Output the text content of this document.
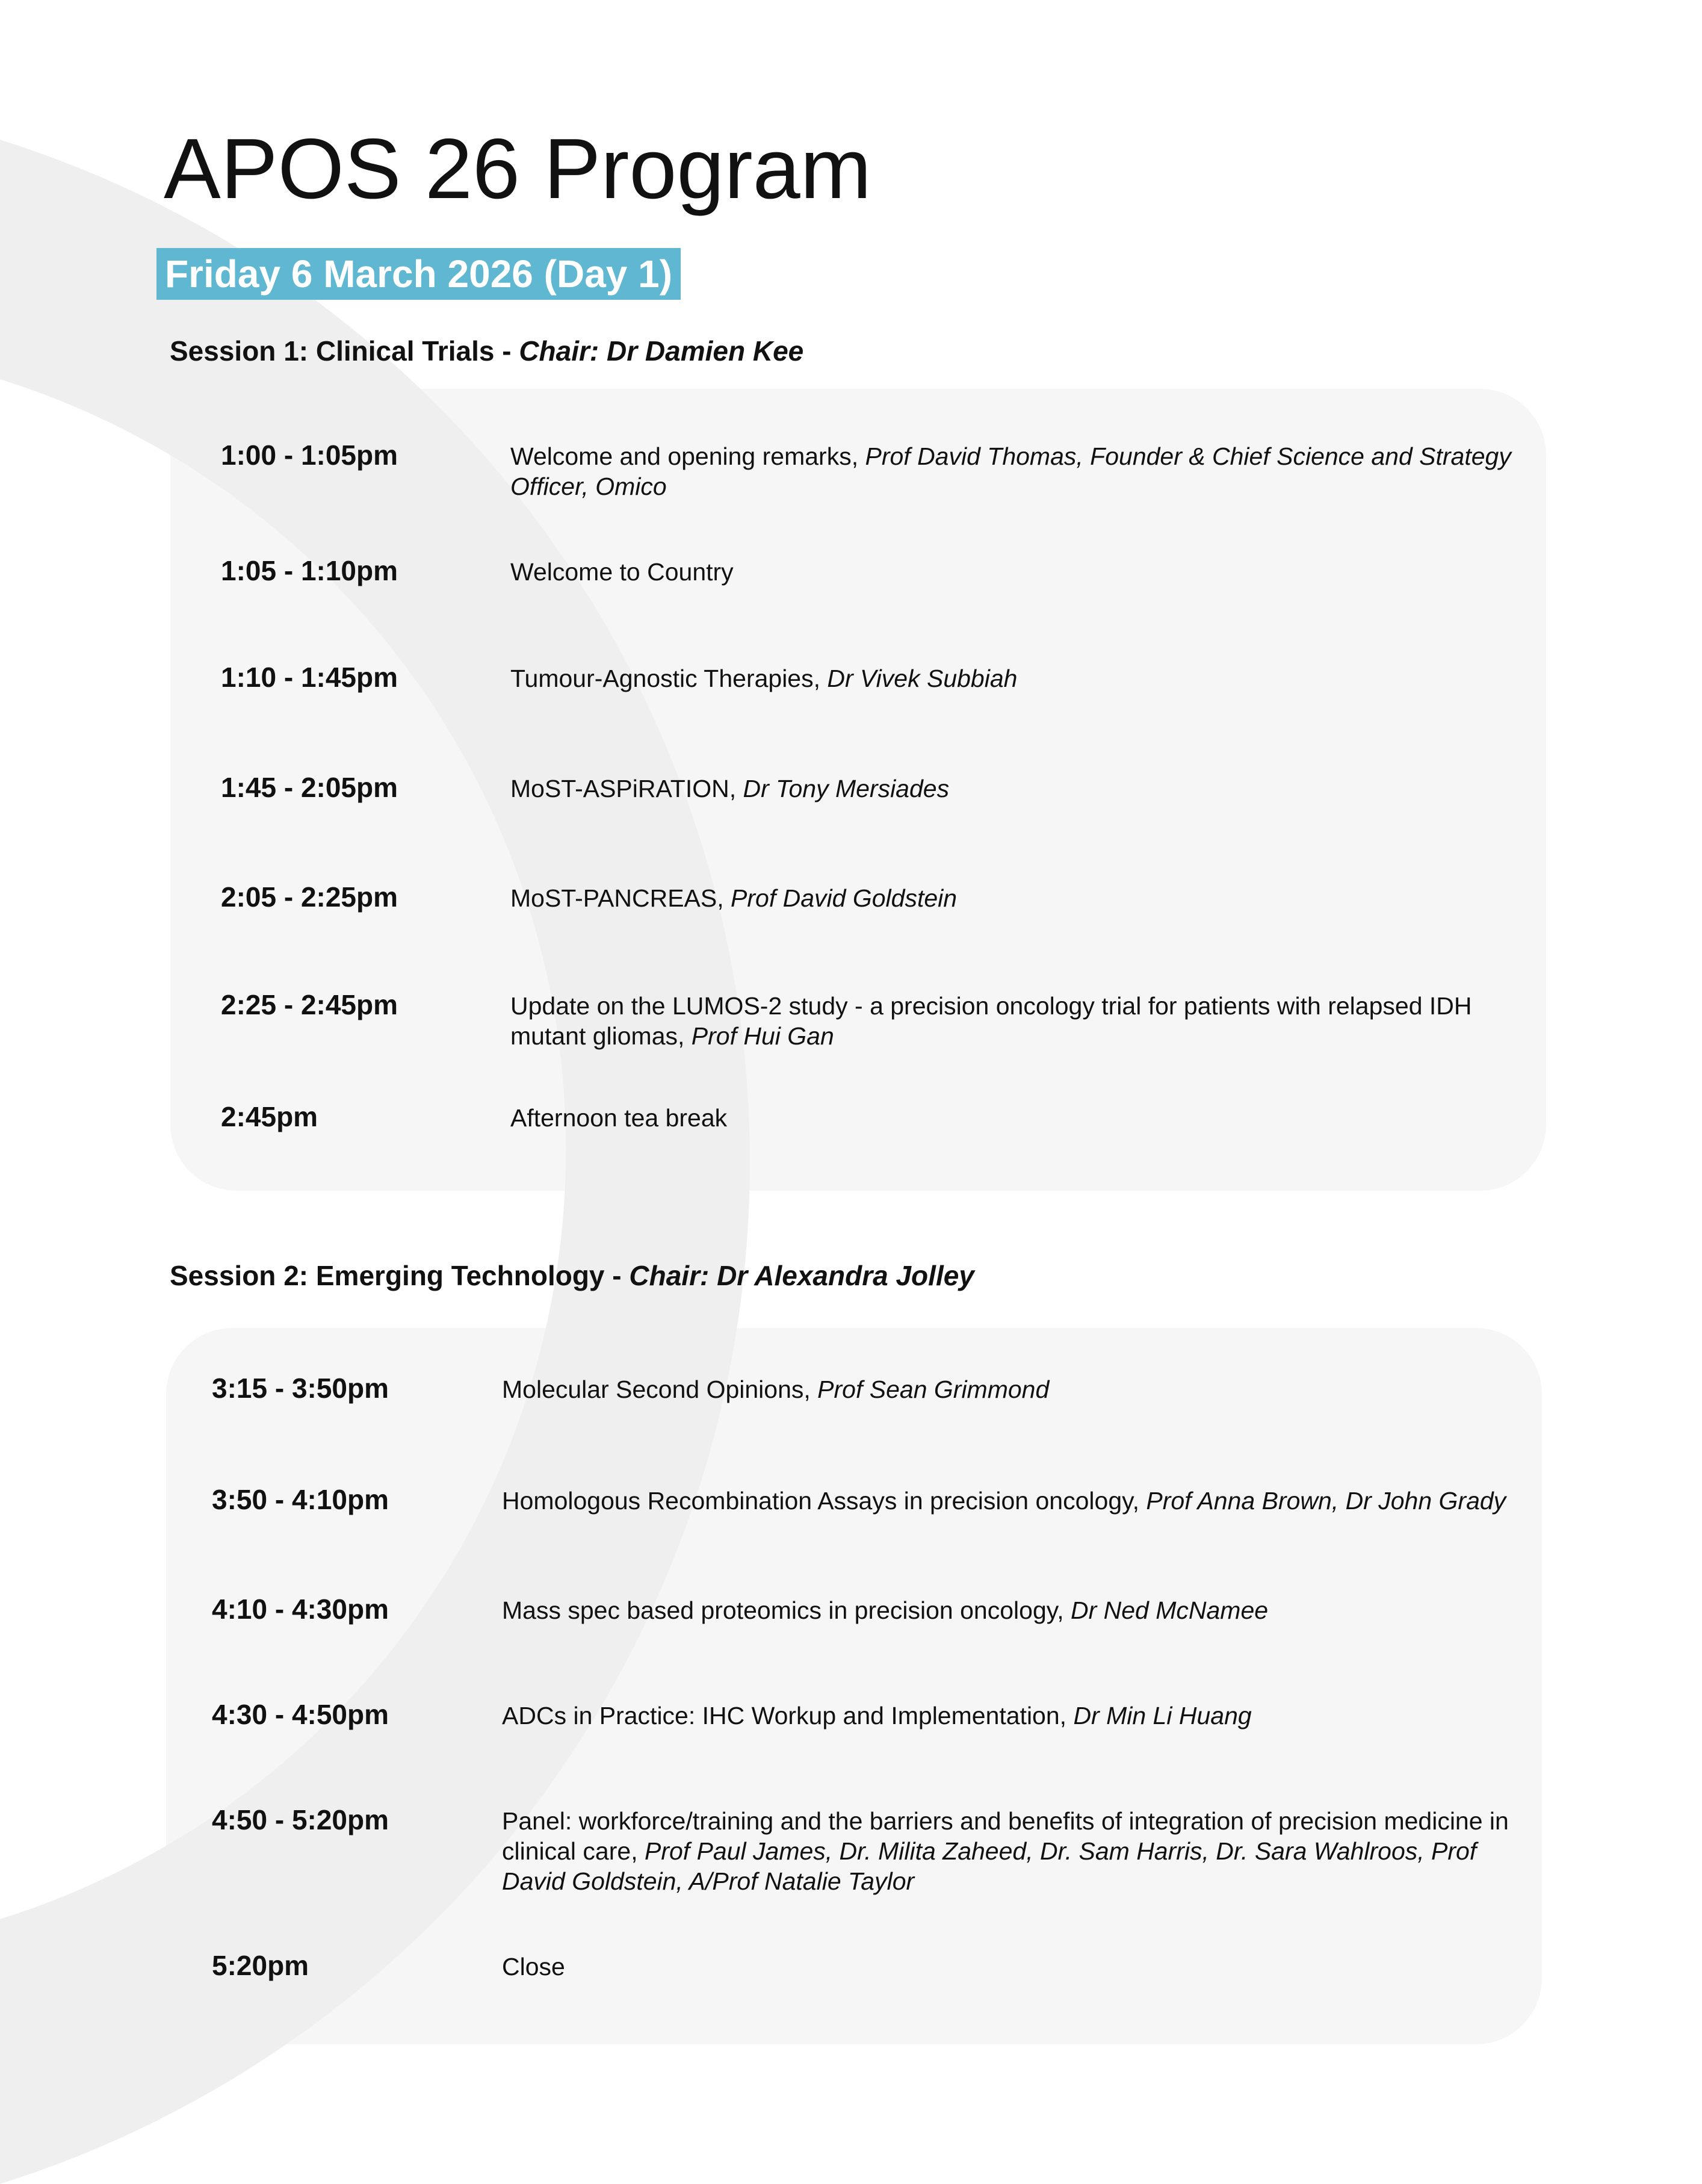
APOS 26 Program
Friday 6 March 2026 (Day 1)
Session 1: Clinical Trials - Chair: Dr Damien Kee
1:00 - 1:05pm	Welcome and opening remarks, Prof David Thomas, Founder & Chief Science and Strategy Officer, Omico
1:05 - 1:10pm	Welcome to Country
1:10 - 1:45pm	Tumour-Agnostic Therapies, Dr Vivek Subbiah
1:45 - 2:05pm	MoST-ASPiRATION, Dr Tony Mersiades
2:05 - 2:25pm	MoST-PANCREAS, Prof David Goldstein
2:25 - 2:45pm	Update on the LUMOS-2 study - a precision oncology trial for patients with relapsed IDH mutant gliomas, Prof Hui Gan
2:45pm	Afternoon tea break
Session 2: Emerging Technology - Chair: Dr Alexandra Jolley
3:15 - 3:50pm	Molecular Second Opinions, Prof Sean Grimmond
3:50 - 4:10pm	Homologous Recombination Assays in precision oncology, Prof Anna Brown, Dr John Grady
4:10 - 4:30pm	Mass spec based proteomics in precision oncology, Dr Ned McNamee
4:30 - 4:50pm	ADCs in Practice: IHC Workup and Implementation, Dr Min Li Huang
4:50 - 5:20pm	Panel: workforce/training and the barriers and benefits of integration of precision medicine in clinical care, Prof Paul James, Dr. Milita Zaheed, Dr. Sam Harris, Dr. Sara Wahlroos, Prof David Goldstein, A/Prof Natalie Taylor
5:20pm	Close
